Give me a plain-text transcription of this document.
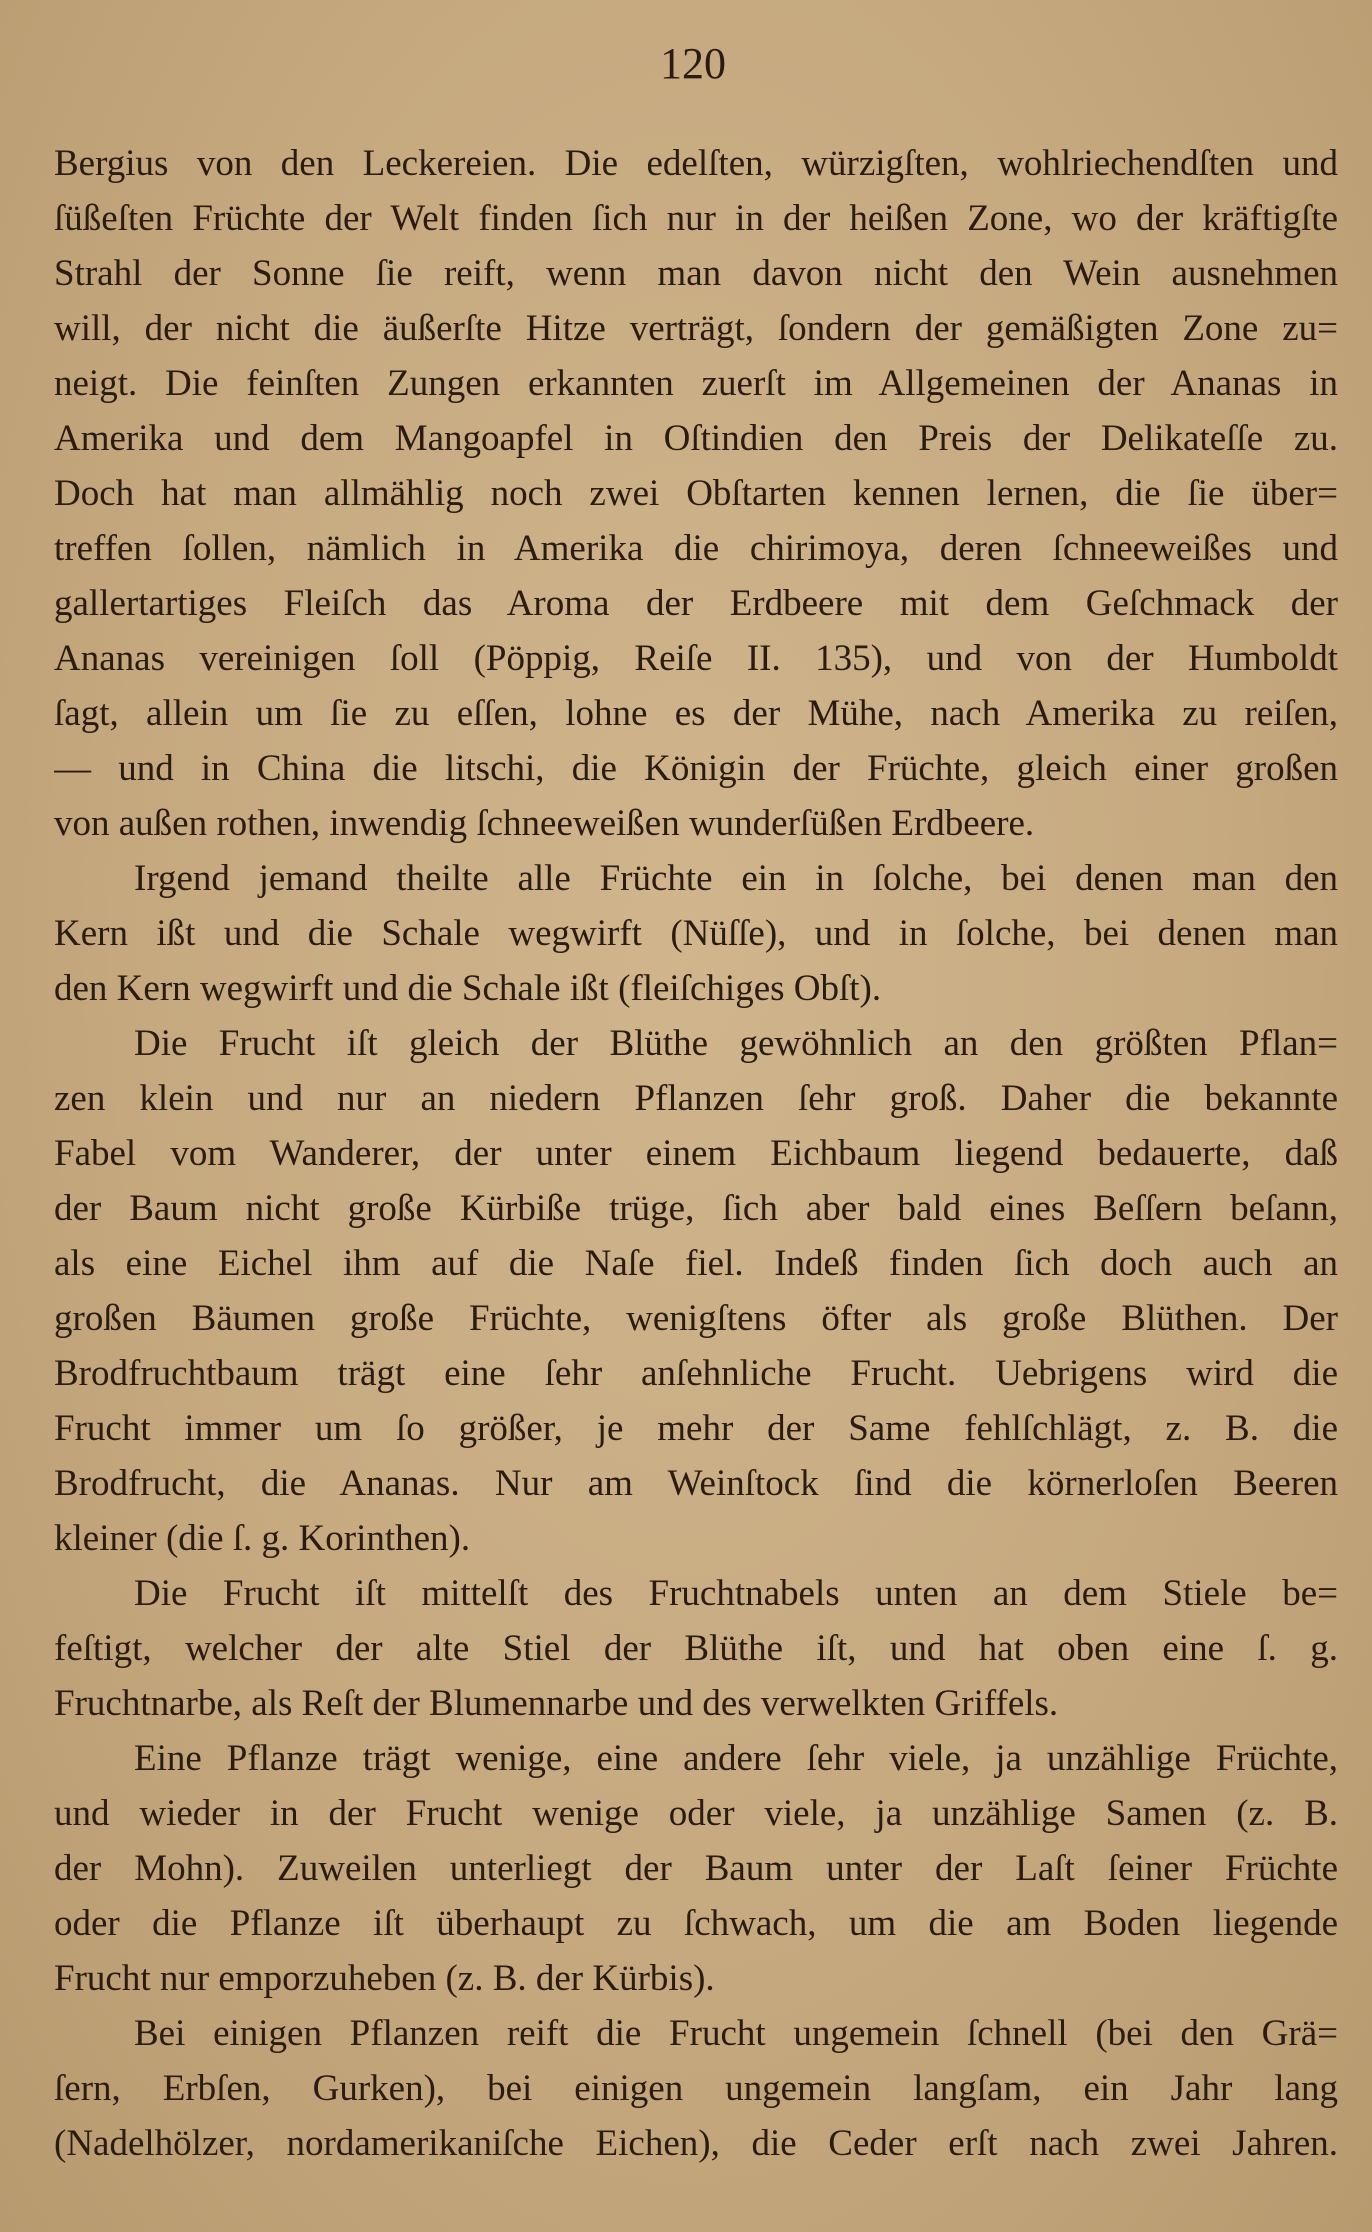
120
Bergius von den Leckereien. Die edelſten, würzigſten, wohlriechendſten und
ſüßeſten Früchte der Welt finden ſich nur in der heißen Zone, wo der kräftigſte
Strahl der Sonne ſie reift, wenn man davon nicht den Wein ausnehmen
will, der nicht die äußerſte Hitze verträgt, ſondern der gemäßigten Zone zu=
neigt. Die feinſten Zungen erkannten zuerſt im Allgemeinen der Ananas in
Amerika und dem Mangoapfel in Oſtindien den Preis der Delikateſſe zu.
Doch hat man allmählig noch zwei Obſtarten kennen lernen, die ſie über=
treffen ſollen, nämlich in Amerika die chirimoya, deren ſchneeweißes und
gallertartiges Fleiſch das Aroma der Erdbeere mit dem Geſchmack der
Ananas vereinigen ſoll (Pöppig, Reiſe II. 135), und von der Humboldt
ſagt, allein um ſie zu eſſen, lohne es der Mühe, nach Amerika zu reiſen,
— und in China die litschi, die Königin der Früchte, gleich einer großen
von außen rothen, inwendig ſchneeweißen wunderſüßen Erdbeere.
Irgend jemand theilte alle Früchte ein in ſolche, bei denen man den
Kern ißt und die Schale wegwirft (Nüſſe), und in ſolche, bei denen man
den Kern wegwirft und die Schale ißt (fleiſchiges Obſt).
Die Frucht iſt gleich der Blüthe gewöhnlich an den größten Pflan=
zen klein und nur an niedern Pflanzen ſehr groß. Daher die bekannte
Fabel vom Wanderer, der unter einem Eichbaum liegend bedauerte, daß
der Baum nicht große Kürbiße trüge, ſich aber bald eines Beſſern beſann,
als eine Eichel ihm auf die Naſe fiel. Indeß finden ſich doch auch an
großen Bäumen große Früchte, wenigſtens öfter als große Blüthen. Der
Brodfruchtbaum trägt eine ſehr anſehnliche Frucht. Uebrigens wird die
Frucht immer um ſo größer, je mehr der Same fehlſchlägt, z. B. die
Brodfrucht, die Ananas. Nur am Weinſtock ſind die körnerloſen Beeren
kleiner (die ſ. g. Korinthen).
Die Frucht iſt mittelſt des Fruchtnabels unten an dem Stiele be=
feſtigt, welcher der alte Stiel der Blüthe iſt, und hat oben eine ſ. g.
Fruchtnarbe, als Reſt der Blumennarbe und des verwelkten Griffels.
Eine Pflanze trägt wenige, eine andere ſehr viele, ja unzählige Früchte,
und wieder in der Frucht wenige oder viele, ja unzählige Samen (z. B.
der Mohn). Zuweilen unterliegt der Baum unter der Laſt ſeiner Früchte
oder die Pflanze iſt überhaupt zu ſchwach, um die am Boden liegende
Frucht nur emporzuheben (z. B. der Kürbis).
Bei einigen Pflanzen reift die Frucht ungemein ſchnell (bei den Grä=
ſern, Erbſen, Gurken), bei einigen ungemein langſam, ein Jahr lang
(Nadelhölzer, nordamerikaniſche Eichen), die Ceder erſt nach zwei Jahren.
